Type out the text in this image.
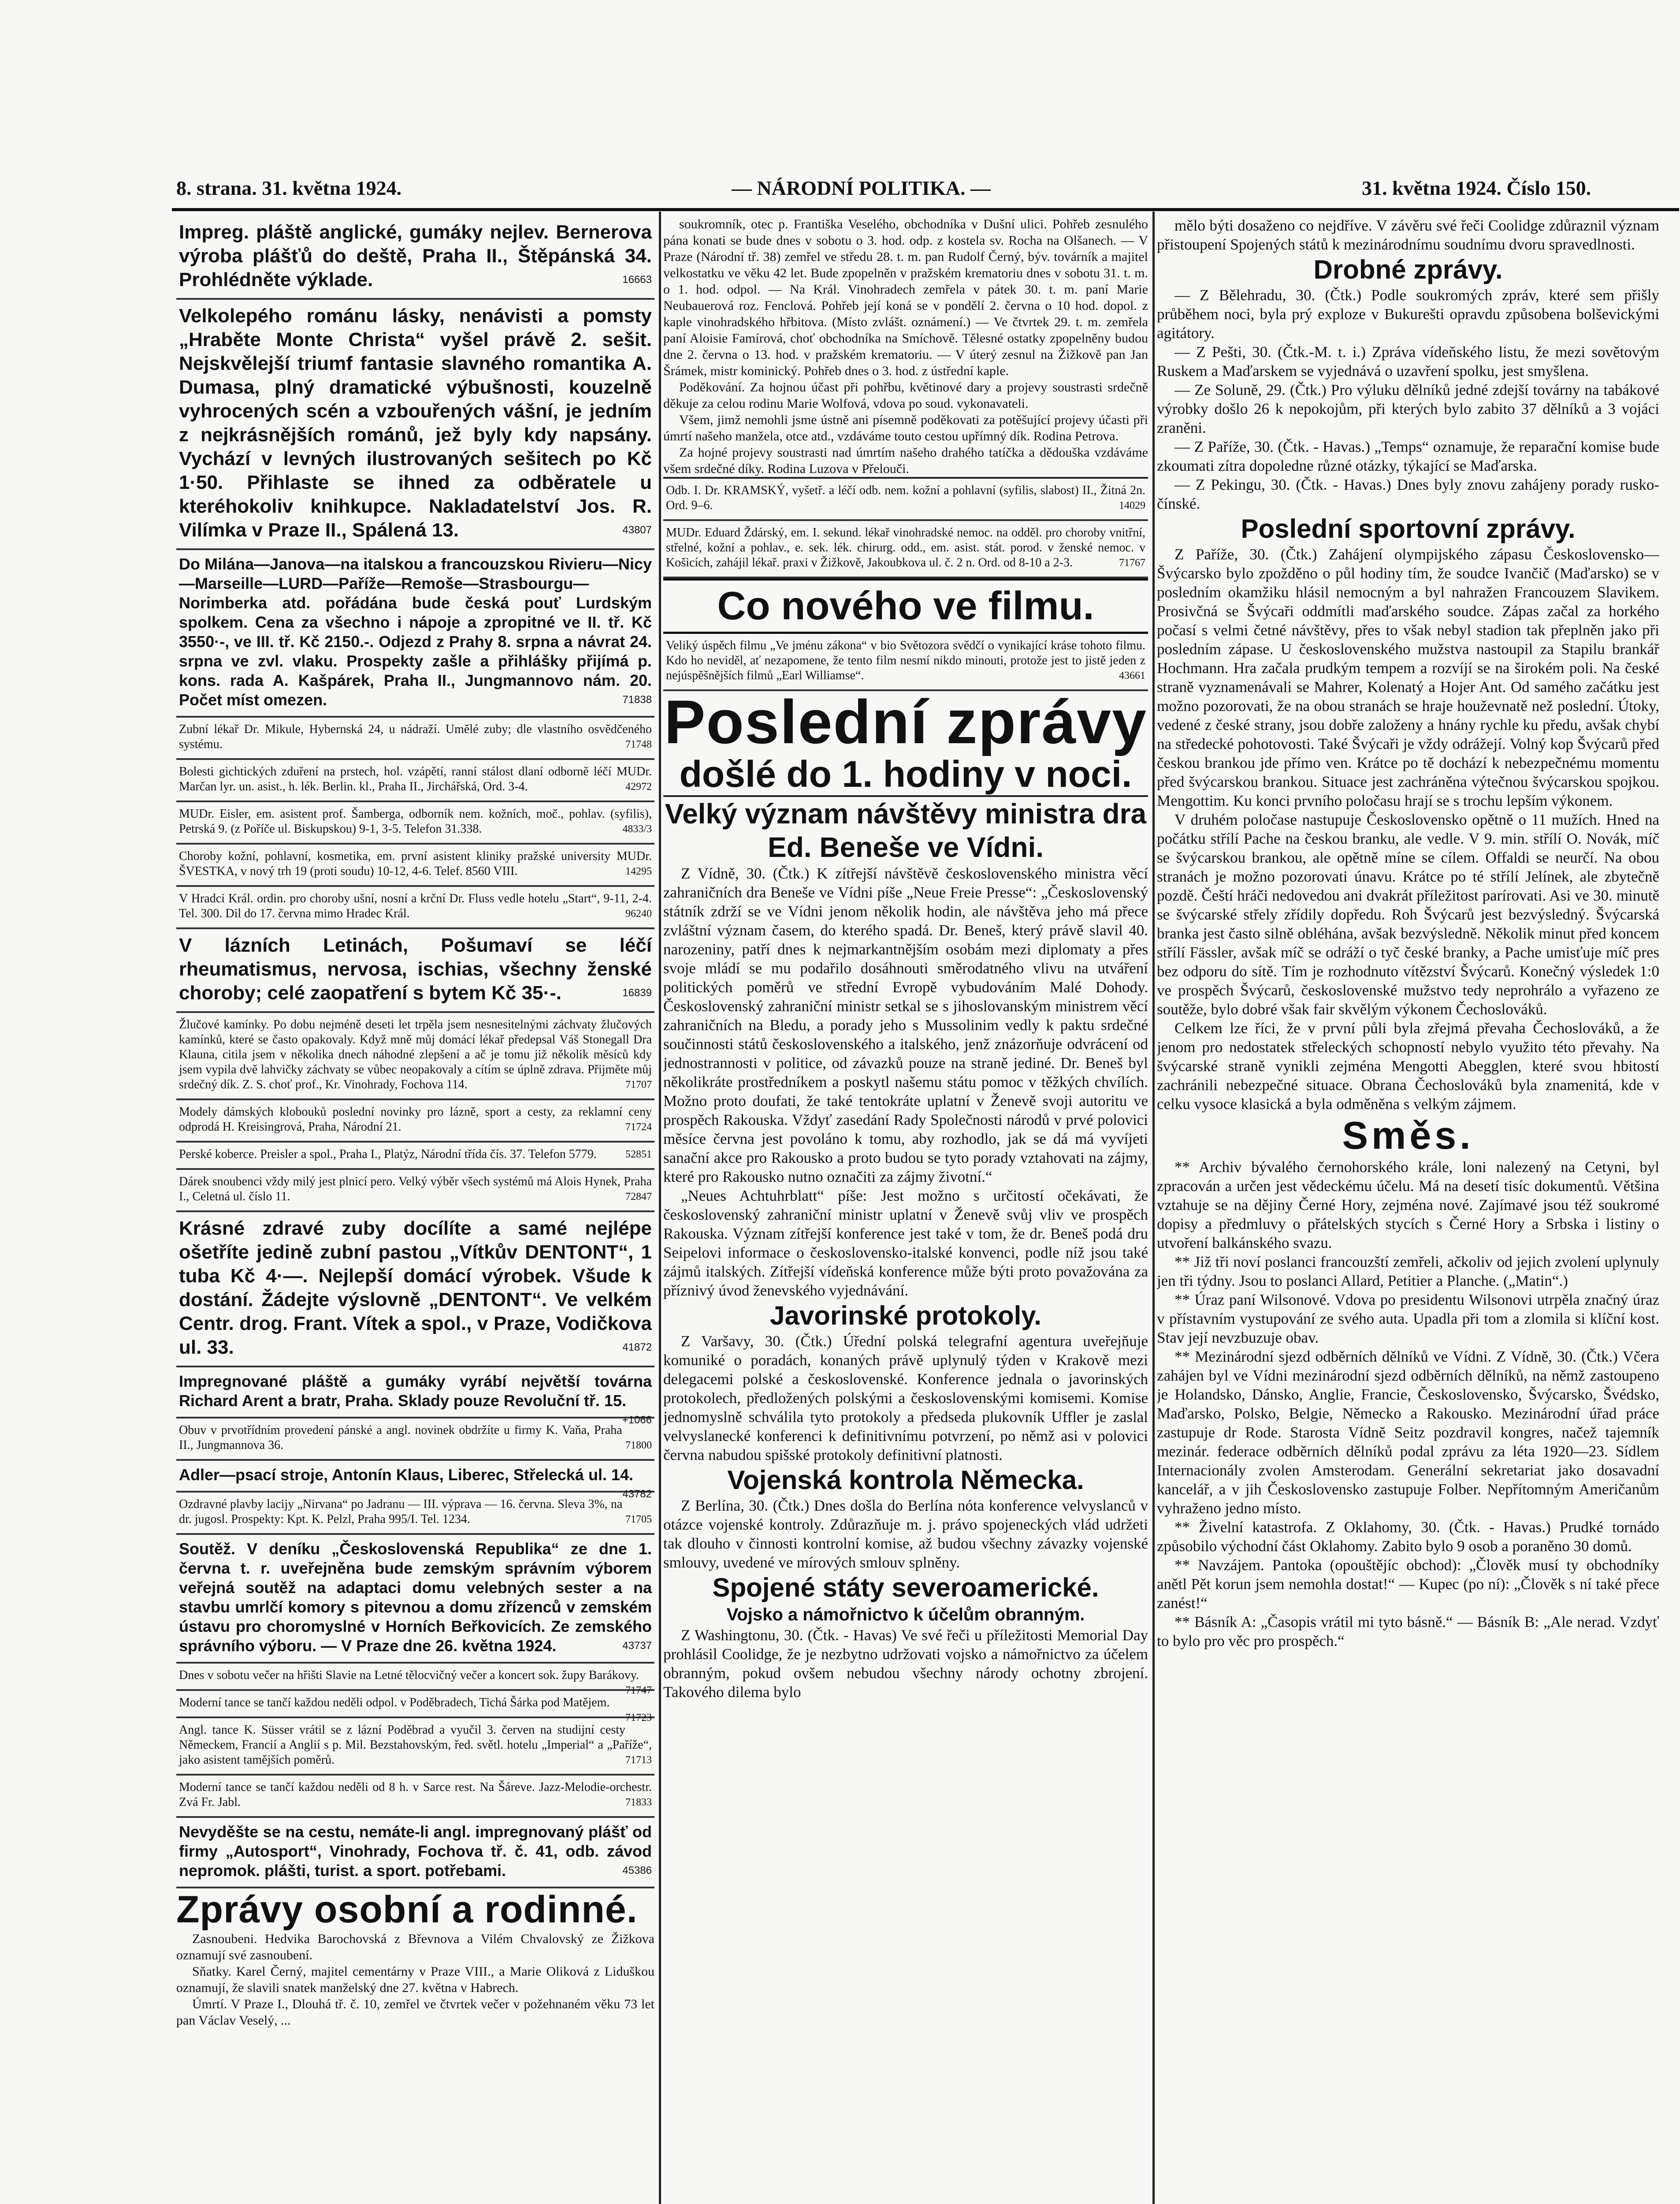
8. strana. 31. května 1924.	— NÁRODNÍ POLITIKA. —	31. května 1924. Číslo 150.
Impreg. pláště anglické, gumáky nejlev. Bernerova výroba plášťů do deště, Praha II., Štěpánská 34. Prohlédněte výklade.	16663
Velkolepého románu lásky, nenávisti a pomsty „Hraběte Monte Christa“ vyšel právě 2. sešit. Nejskvělejší triumf fantasie slavného romantika A. Dumasa, plný dramatické výbušnosti, kouzelně vyhrocených scén a vzbouřených vášní, je jedním z nejkrásnějších románů, jež byly kdy napsány. Vychází v levných ilustrovaných sešitech po Kč 1·50. Přihlaste se ihned za odběratele u kteréhokoliv knihkupce. Nakladatelství Jos. R. Vilímka v Praze II., Spálená 13.	43807
Do Milána—Janova—na italskou a francouzskou Rivieru—Nicy—Marseille—LURD—Paříže—Remoše—Strasbourgu—Norimberka atd. pořádána bude česká pouť Lurdským spolkem. Cena za všechno i nápoje a zpropitné ve II. tř. Kč 3550·-, ve III. tř. Kč 2150.-. Odjezd z Prahy 8. srpna a návrat 24. srpna ve zvl. vlaku. Prospekty zašle a přihlášky přijímá p. kons. rada A. Kašpárek, Praha II., Jungmannovo nám. 20. Počet míst omezen.	71838
Zubní lékař Dr. Mikule, Hybernská 24, u nádraží. Umělé zuby; dle vlastního osvědčeného systému.	71748
Bolesti gichtických zduření na prstech, hol. vzápětí, ranní stálost dlaní odborně léčí MUDr. Marčan lyr. un. asist., h. lék. Berlin. kl., Praha II., Jirchářská, Ord. 3-4.	42972
MUDr. Eisler, em. asistent prof. Šamberga, odborník nem. kožních, moč., pohlav. (syfilis), Petrská 9. (z Poříče ul. Biskupskou) 9-1, 3-5. Telefon 31.338.	4833/3
Choroby kožní, pohlavní, kosmetika, em. první asistent kliniky pražské university MUDr. ŠVESTKA, v nový trh 19 (proti soudu) 10-12, 4-6. Telef. 8560 VIII.	14295
V Hradci Král. ordin. pro choroby ušní, nosní a krční Dr. Fluss vedle hotelu „Start“, 9-11, 2-4. Tel. 300. Dil do 17. června mimo Hradec Král.	96240
V lázních Letinách, Pošumaví se léčí rheumatismus, nervosa, ischias, všechny ženské choroby; celé zaopatření s bytem Kč 35·-.	16839
Žlučové kamínky. Po dobu nejméně deseti let trpěla jsem nesnesitelnými záchvaty žlučových kamínků, které se často opakovaly. Když mně můj domácí lékař předepsal Váš Stonegall Dra Klauna, citila jsem v několika dnech náhodné zlepšení a ač je tomu již několik měsíců kdy jsem vypila dvě lahvičky záchvaty se vůbec neopakovaly a cítím se úplně zdrava. Přijměte můj srdečný dík. Z. S. choť prof., Kr. Vinohrady, Fochova 114.	71707
Modely dámských klobouků poslední novinky pro lázně, sport a cesty, za reklamní ceny odprodá H. Kreisingrová, Praha, Národní 21.	71724
Perské koberce. Preisler a spol., Praha I., Platýz, Národní třída čís. 37. Telefon 5779.	52851
Dárek snoubenci vždy milý jest plnicí pero. Velký výběr všech systémů má Alois Hynek, Praha I., Celetná ul. číslo 11.	72847
Krásné zdravé zuby docílíte a samé nejlépe ošetříte jedině zubní pastou „Vítkův DENTONT“, 1 tuba Kč 4·—. Nejlepší domácí výrobek. Všude k dostání. Žádejte výslovně „DENTONT“. Ve velkém Centr. drog. Frant. Vítek a spol., v Praze, Vodičkova ul. 33.	41872
Impregnované pláště a gumáky vyrábí největší továrna Richard Arent a bratr, Praha. Sklady pouze Revoluční tř. 15.
+1066
Obuv v prvotřídním provedení pánské a angl. novinek obdržíte u firmy K. Vaňa, Praha II., Jungmannova 36.	71800
Adler—psací stroje, Antonín Klaus, Liberec, Střelecká ul. 14.
43782
Ozdravné plavby lacijy „Nirvana“ po Jadranu — III. výprava — 16. června. Sleva 3%, na dr. jugosl. Prospekty: Kpt. K. Pelzl, Praha 995/I. Tel. 1234.	71705
Soutěž. V deníku „Československá Republika“ ze dne 1. června t. r. uveřejněna bude zemským správním výborem veřejná soutěž na adaptaci domu velebných sester a na stavbu umrlčí komory s pitevnou a domu zřízenců v zemském ústavu pro choromyslné v Horních Beřkovicích. Ze zemského správního výboru. — V Praze dne 26. května 1924.	43737
Dnes v sobotu večer na hřišti Slavie na Letné tělocvičný večer a koncert sok. župy Barákovy.
71747
Moderní tance se tančí každou neděli odpol. v Poděbradech, Tichá Šárka pod Matějem.
71723
Angl. tance K. Süsser vrátil se z lázní Poděbrad a vyučil 3. červen na studijní cesty Německem, Francií a Anglií s p. Mil. Bezstahovským, řed. světl. hotelu „Imperial“ a „Paříže“, jako asistent tamějších poměrů.	71713
Moderní tance se tančí každou neděli od 8 h. v Sarce rest. Na Šáreve. Jazz-Melodie-orchestr. Zvá Fr. Jabl.	71833
Nevyděšte se na cestu, nemáte-li angl. impregnovaný plášť od firmy „Autosport“, Vinohrady, Fochova tř. č. 41, odb. závod nepromok. plášti, turist. a sport. potřebami.	45386
Zprávy osobní a rodinné.
Zasnoubeni. Hedvika Barochovská z Břevnova a Vilém Chvalovský ze Žižkova oznamují své zasnoubení.
Sňatky. Karel Černý, majitel cementárny v Praze VIII., a Marie Oliková z Liduškou oznamují, že slavili snatek manželský dne 27. května v Habrech.
Úmrtí. V Praze I., Dlouhá tř. č. 10, zemřel ve čtvrtek večer v požehnaném věku 73 let pan Václav Veselý, ...
soukromník, otec p. Františka Veselého, obchodníka v Dušní ulici. Pohřeb zesnulého pána konati se bude dnes v sobotu o 3. hod. odp. z kostela sv. Rocha na Olšanech. — V Praze (Národní tř. 38) zemřel ve středu 28. t. m. pan Rudolf Černý, býv. továrník a majitel velkostatku ve věku 42 let. Bude zpopelněn v pražském krematoriu dnes v sobotu 31. t. m. o 1. hod. odpol. — Na Král. Vinohradech zemřela v pátek 30. t. m. paní Marie Neubauerová roz. Fenclová. Pohřeb její koná se v pondělí 2. června o 10 hod. dopol. z kaple vinohradského hřbitova. (Místo zvlášt. oznámení.) — Ve čtvrtek 29. t. m. zemřela paní Aloisie Famírová, choť obchodníka na Smíchově. Tělesné ostatky zpopelněny budou dne 2. června o 13. hod. v pražském krematoriu. — V úterý zesnul na Žižkově pan Jan Šrámek, mistr kominický. Pohřeb dnes o 3. hod. z ústřední kaple.
Poděkování. Za hojnou účast při pohřbu, květinové dary a projevy soustrasti srdečně děkuje za celou rodinu Marie Wolfová, vdova po soud. vykonavateli.
Všem, jimž nemohli jsme ústně ani písemně poděkovati za potěšující projevy účasti při úmrtí našeho manžela, otce atd., vzdáváme touto cestou upřímný dík. Rodina Petrova.
Za hojné projevy soustrasti nad úmrtím našeho drahého tatíčka a dědouška vzdáváme všem srdečné díky. Rodina Luzova v Přelouči.
Odb. I. Dr. KRAMSKÝ, vyšetř. a léčí odb. nem. kožní a pohlavní (syfilis, slabost) II., Žitná 2n. Ord. 9–6.	14029
MUDr. Eduard Ždárský, em. I. sekund. lékař vinohradské nemoc. na odděl. pro choroby vnitřní, střelné, kožní a pohlav., e. sek. lék. chirurg. odd., em. asist. stát. porod. v ženské nemoc. v Košicích, zahájil lékař. praxi v Žižkově, Jakoubkova ul. č. 2 n. Ord. od 8-10 a 2-3.	71767
Co nového ve filmu.
Veliký úspěch filmu „Ve jménu zákona“ v bio Světozora svědčí o vynikající kráse tohoto filmu. Kdo ho neviděl, ať nezapomene, že tento film nesmí nikdo minouti, protože jest to jistě jeden z nejúspěšnějších filmů „Earl Williamse“.	43661
Poslední zprávy
došlé do 1. hodiny v noci.
Velký význam návštěvy ministra dra Ed. Beneše ve Vídni.
Z Vídně, 30. (Čtk.) K zítřejší návštěvě československého ministra věcí zahraničních dra Beneše ve Vídni píše „Neue Freie Presse“: „Československý státník zdrží se ve Vídni jenom několik hodin, ale návštěva jeho má přece zvláštní význam časem, do kterého spadá. Dr. Beneš, který právě slavil 40. narozeniny, patří dnes k nejmarkantnějším osobám mezi diplomaty a přes svoje mládí se mu podařilo dosáhnouti směrodatného vlivu na utváření politických poměrů ve střední Evropě vybudováním Malé Dohody. Československý zahraniční ministr setkal se s jihoslovanským ministrem věcí zahraničních na Bledu, a porady jeho s Mussolinim vedly k paktu srdečné součinnosti států československého a italského, jenž znázorňuje odvrácení od jednostrannosti v politice, od závazků pouze na straně jediné. Dr. Beneš byl několikráte prostředníkem a poskytl našemu státu pomoc v těžkých chvílích. Možno proto doufati, že také tentokráte uplatní v Ženevě svoji autoritu ve prospěch Rakouska. Vždyť zasedání Rady Společnosti národů v prvé polovici měsíce června jest povoláno k tomu, aby rozhodlo, jak se dá má vyvíjeti sanační akce pro Rakousko a proto budou se tyto porady vztahovati na zájmy, které pro Rakousko nutno označiti za zájmy životní.“
„Neues Achtuhrblatt“ píše: Jest možno s určitostí očekávati, že československý zahraniční ministr uplatní v Ženevě svůj vliv ve prospěch Rakouska. Význam zítřejší konference jest také v tom, že dr. Beneš podá dru Seipelovi informace o československo-italské konvenci, podle níž jsou také zájmů italských. Zítřejší vídeňská konference může býti proto považována za příznivý úvod ženevského vyjednávání.
Javorinské protokoly.
Z Varšavy, 30. (Čtk.) Úřední polská telegrafní agentura uveřejňuje komuniké o poradách, konaných právě uplynulý týden v Krakově mezi delegacemi polské a československé. Konference jednala o javorinských protokolech, předložených polskými a československými komisemi. Komise jednomyslně schválila tyto protokoly a předseda plukovník Uffler je zaslal velvyslanecké konferenci k definitivnímu potvrzení, po němž asi v polovici června nabudou spišské protokoly definitivní platnosti.
Vojenská kontrola Německa.
Z Berlína, 30. (Čtk.) Dnes došla do Berlína nóta konference velvyslanců v otázce vojenské kontroly. Zdůrazňuje m. j. právo spojeneckých vlád udržeti tak dlouho v činnosti kontrolní komise, až budou všechny závazky vojenské smlouvy, uvedené ve mírových smlouv splněny.
Spojené státy severoamerické.
Vojsko a námořnictvo k účelům obranným.
Z Washingtonu, 30. (Čtk. - Havas) Ve své řeči u příležitosti Memorial Day prohlásil Coolidge, že je nezbytno udržovati vojsko a námořnictvo za účelem obranným, pokud ovšem nebudou všechny národy ochotny zbrojení. Takového dilema bylo
mělo býti dosaženo co nejdříve. V závěru své řeči Coolidge zdůraznil význam přistoupení Spojených států k mezinárodnímu soudnímu dvoru spravedlnosti.
Drobné zprávy.
— Z Bělehradu, 30. (Čtk.) Podle soukromých zpráv, které sem přišly průběhem noci, byla prý exploze v Bukurešti opravdu způsobena bolševickými agitátory.
— Z Pešti, 30. (Čtk.-M. t. i.) Zpráva vídeňského listu, že mezi sovětovým Ruskem a Maďarskem se vyjednává o uzavření spolku, jest smyšlena.
— Ze Soluně, 29. (Čtk.) Pro výluku dělníků jedné zdejší továrny na tabákové výrobky došlo 26 k nepokojům, při kterých bylo zabito 37 dělníků a 3 vojáci zraněni.
— Z Paříže, 30. (Čtk. - Havas.) „Temps“ oznamuje, že reparační komise bude zkoumati zítra dopoledne různé otázky, týkající se Maďarska.
— Z Pekingu, 30. (Čtk. - Havas.) Dnes byly znovu zahájeny porady rusko-čínské.
Poslední sportovní zprávy.
Z Paříže, 30. (Čtk.) Zahájení olympijského zápasu Československo—Švýcarsko bylo zpožděno o půl hodiny tím, že soudce Ivančič (Maďarsko) se v posledním okamžiku hlásil nemocným a byl nahražen Francouzem Slavikem. Prosivčná se Švýcaři oddmítli maďarského soudce. Zápas začal za horkého počasí s velmi četné návštěvy, přes to však nebyl stadion tak přeplněn jako při posledním zápase. U československého mužstva nastoupil za Stapilu brankář Hochmann. Hra začala prudkým tempem a rozvíjí se na širokém poli. Na české straně vyznamenávali se Mahrer, Kolenatý a Hojer Ant. Od samého začátku jest možno pozorovati, že na obou stranách se hraje houževnatě než poslední. Útoky, vedené z české strany, jsou dobře založeny a hnány rychle ku předu, avšak chybí na středecké pohotovosti. Také Švýcaři je vždy odrážejí. Volný kop Švýcarů před českou brankou jde přímo ven. Krátce po tě dochází k nebezpečnému momentu před švýcarskou brankou. Situace jest zachráněna výtečnou švýcarskou spojkou. Mengottim. Ku konci prvního poločasu hrají se s trochu lepším výkonem.
V druhém poločase nastupuje Československo opětně o 11 mužích. Hned na počátku střílí Pache na českou branku, ale vedle. V 9. min. střílí O. Novák, míč se švýcarskou brankou, ale opětně míne se cílem. Offaldi se neurčí. Na obou stranách je možno pozorovati únavu. Krátce po té střílí Jelínek, ale zbytečně pozdě. Čeští hráči nedovedou ani dvakrát příležitost parírovati. Asi ve 30. minutě se švýcarské střely zřídily dopředu. Roh Švýcarů jest bezvýsledný. Švýcarská branka jest často silně obléhána, avšak bezvýsledně. Několik minut před koncem střílí Fässler, avšak míč se odráží o tyč české branky, a Pache umisťuje míč pres bez odporu do sítě. Tím je rozhodnuto vítězství Švýcarů. Konečný výsledek 1:0 ve prospěch Švýcarů, československé mužstvo tedy neprohrálo a vyřazeno ze soutěže, bylo dobré však fair skvělým výkonem Čechoslováků.
Celkem lze říci, že v první půli byla zřejmá převaha Čechoslováků, a že jenom pro nedostatek střeleckých schopností nebylo využito této převahy. Na švýcarské straně vynikli zejména Mengotti Abegglen, které svou hbitostí zachránili nebezpečné situace. Obrana Čechoslováků byla znamenitá, kde v celku vysoce klasická a byla odměněna s velkým zájmem.
Směs.
** Archiv bývalého černohorského krále, loni nalezený na Cetyni, byl zpracován a určen jest vědeckému účelu. Má na desetí tisíc dokumentů. Většina vztahuje se na dějiny Černé Hory, zejména nové. Zajímavé jsou též soukromé dopisy a předmluvy o přátelských stycích s Černé Hory a Srbska i listiny o utvoření balkánského svazu.
** Již tři noví poslanci francouzští zemřeli, ačkoliv od jejich zvolení uplynuly jen tři týdny. Jsou to poslanci Allard, Petitier a Planche. („Matin“.)
** Úraz paní Wilsonové. Vdova po presidentu Wilsonovi utrpěla značný úraz v přístavním vystupování ze svého auta. Upadla při tom a zlomila si klíční kost. Stav její nevzbuzuje obav.
** Mezinárodní sjezd odběrních dělníků ve Vídni. Z Vídně, 30. (Čtk.) Včera zahájen byl ve Vídni mezinárodní sjezd odběrních dělníků, na němž zastoupeno je Holandsko, Dánsko, Anglie, Francie, Československo, Švýcarsko, Švédsko, Maďarsko, Polsko, Belgie, Německo a Rakousko. Mezinárodní úřad práce zastupuje dr Rode. Starosta Vídně Seitz pozdravil kongres, načež tajemník mezinár. federace odběrních dělníků podal zprávu za léta 1920—23. Sídlem Internacionály zvolen Amsterodam. Generální sekretariat jako dosavadní kancelář, a v jih Československo zastupuje Folber. Nepřítomným Američanům vyhraženo jedno místo.
** Živelní katastrofa. Z Oklahomy, 30. (Čtk. - Havas.) Prudké tornádo způsobilo východní část Oklahomy. Zabito bylo 9 osob a poraněno 30 domů.
** Navzájem. Pantoka (opouštějíc obchod): „Člověk musí ty obchodníky anětl Pět korun jsem nemohla dostat!“ — Kupec (po ní): „Člověk s ní také přece zanést!“
** Básník A: „Časopis vrátil mi tyto básně.“ — Básník B: „Ale nerad. Vzdyť to bylo pro věc pro prospěch.“
